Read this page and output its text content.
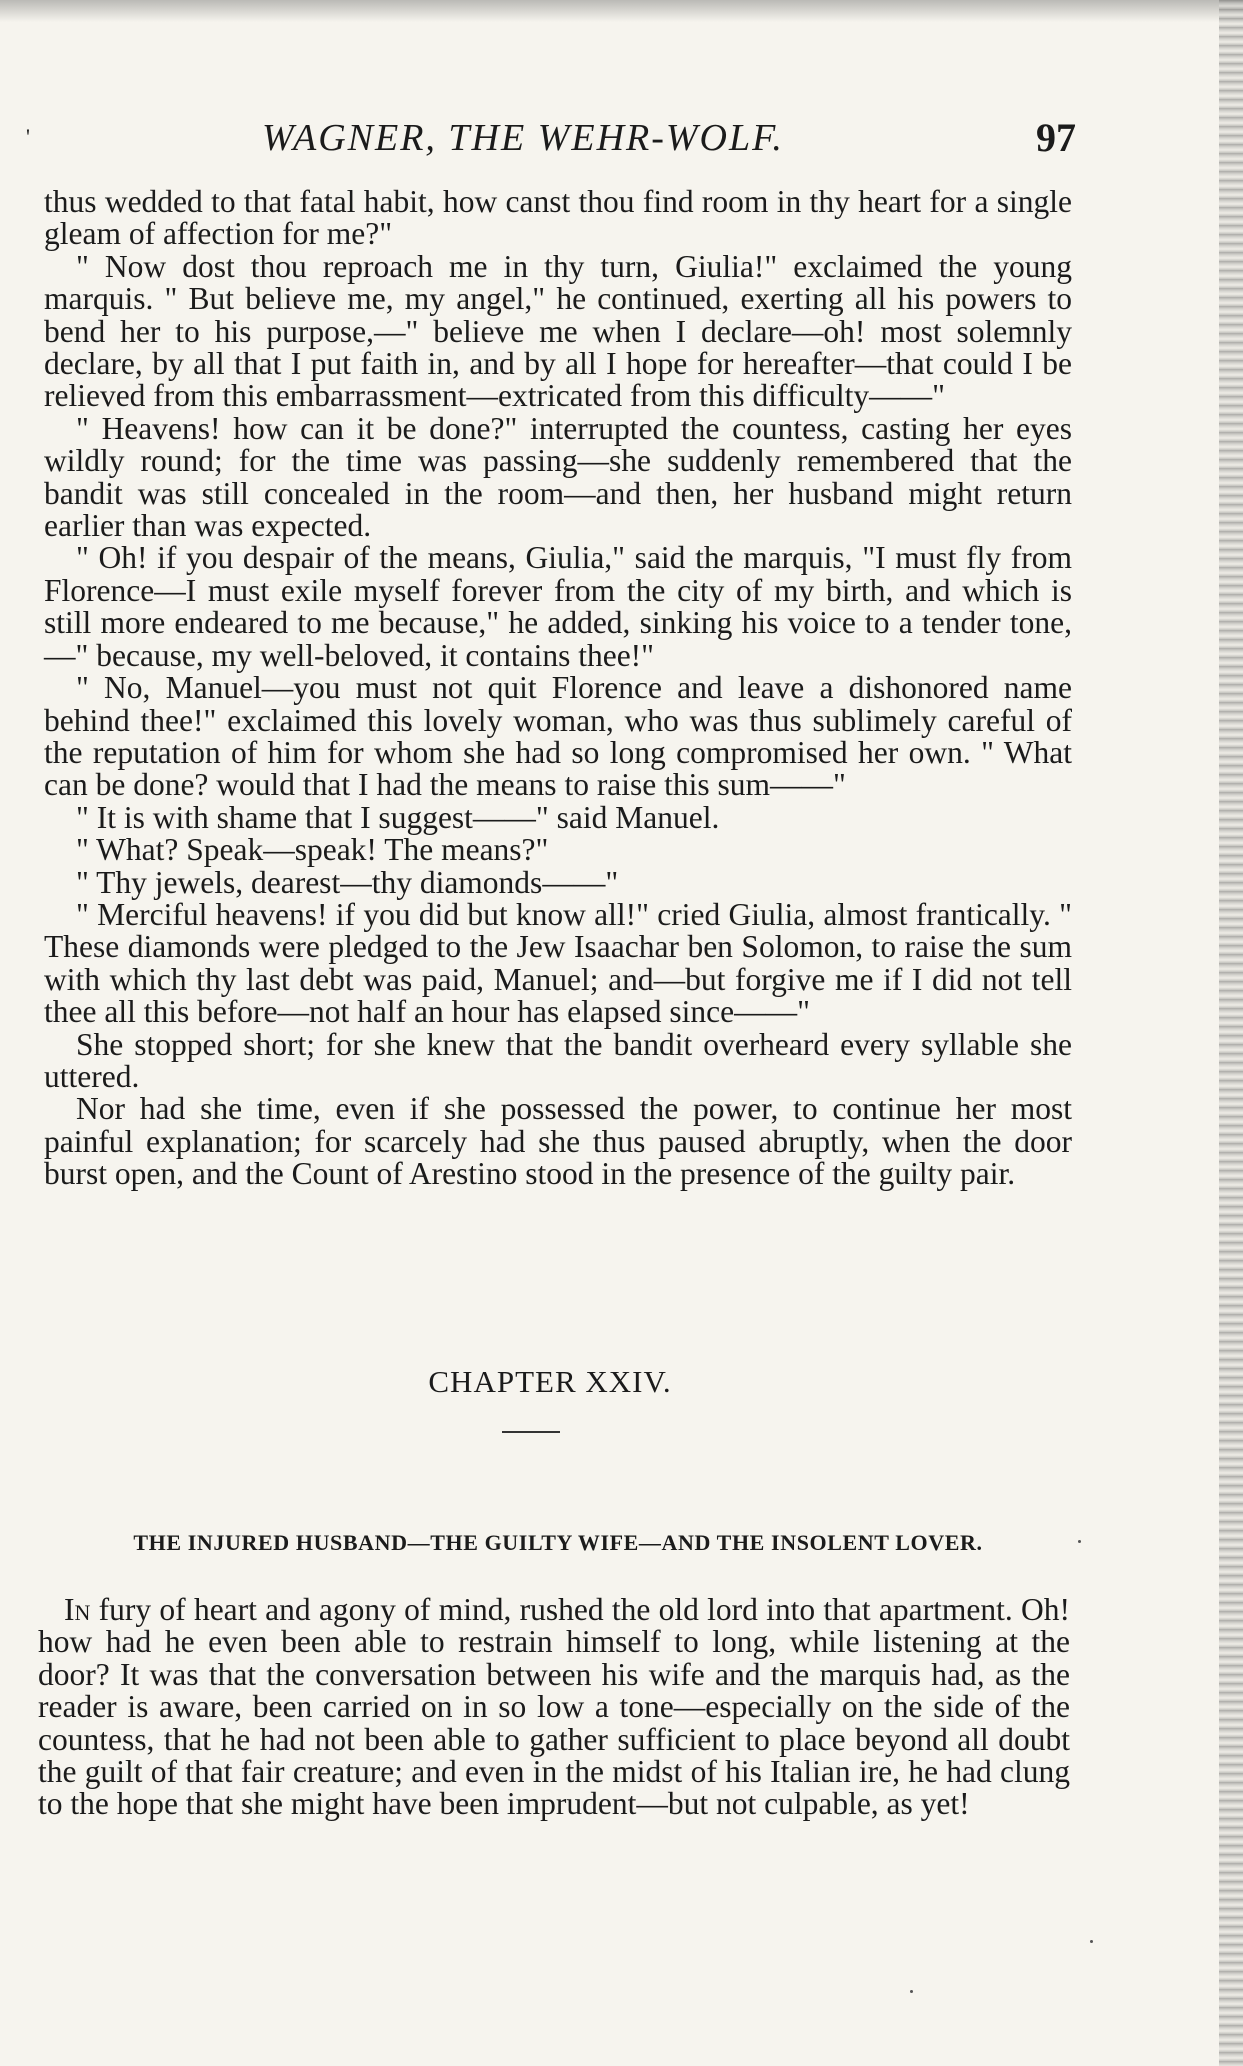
'	WAGNER, THE WEHR-WOLF.	97

thus wedded to that fatal habit, how canst thou find room in thy heart for a single gleam of affection for me?"

" Now dost thou reproach me in thy turn, Giulia!" exclaimed the young marquis. " But believe me, my angel," he continued, exerting all his powers to bend her to his purpose,—" believe me when I declare—oh! most solemnly declare, by all that I put faith in, and by all I hope for hereafter—that could I be relieved from this embarrassment—extricated from this difficulty——"

" Heavens! how can it be done?" interrupted the countess, casting her eyes wildly round; for the time was passing—she suddenly remembered that the bandit was still concealed in the room—and then, her husband might return earlier than was expected.

" Oh! if you despair of the means, Giulia," said the marquis, "I must fly from Florence—I must exile myself forever from the city of my birth, and which is still more endeared to me because," he added, sinking his voice to a tender tone,—" because, my well-beloved, it contains thee!"

" No, Manuel—you must not quit Florence and leave a dishonored name behind thee!" exclaimed this lovely woman, who was thus sublimely careful of the reputation of him for whom she had so long compromised her own. " What can be done? would that I had the means to raise this sum——"

" It is with shame that I suggest——" said Manuel.

" What? Speak—speak! The means?"

" Thy jewels, dearest—thy diamonds——"

" Merciful heavens! if you did but know all!" cried Giulia, almost frantically. " These diamonds were pledged to the Jew Isaachar ben Solomon, to raise the sum with which thy last debt was paid, Manuel; and—but forgive me if I did not tell thee all this before—not half an hour has elapsed since——"

She stopped short; for she knew that the bandit overheard every syllable she uttered.

Nor had she time, even if she possessed the power, to continue her most painful explanation; for scarcely had she thus paused abruptly, when the door burst open, and the Count of Arestino stood in the presence of the guilty pair.

CHAPTER XXIV.
THE INJURED HUSBAND—THE GUILTY WIFE—AND THE INSOLENT LOVER.

In fury of heart and agony of mind, rushed the old lord into that apartment. Oh! how had he even been able to restrain himself to long, while listening at the door? It was that the conversation between his wife and the marquis had, as the reader is aware, been carried on in so low a tone—especially on the side of the countess, that he had not been able to gather sufficient to place beyond all doubt the guilt of that fair creature; and even in the midst of his Italian ire, he had clung to the hope that she might have been imprudent—but not culpable, as yet!
